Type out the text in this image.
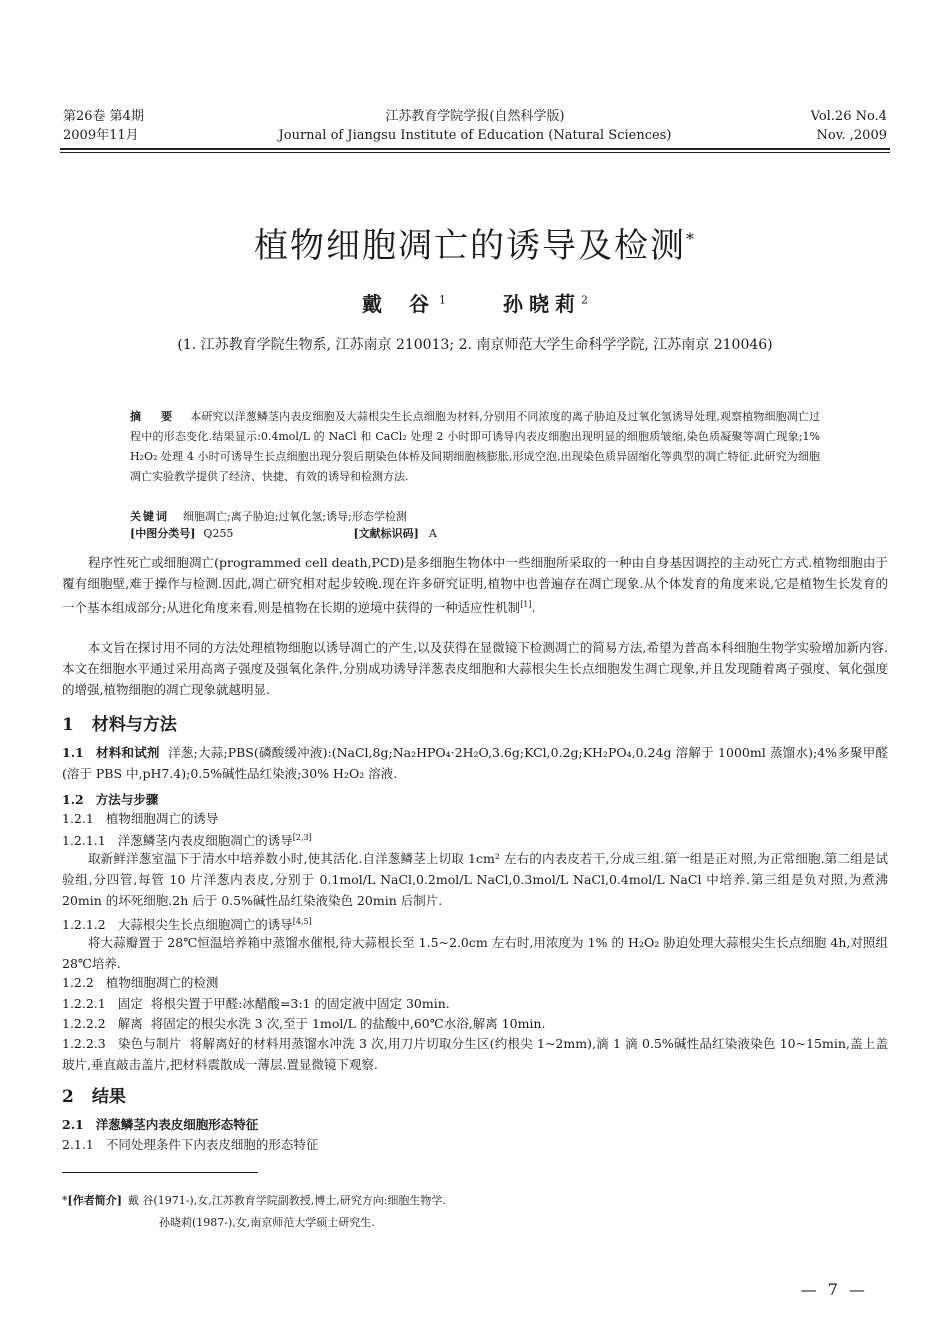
第26卷 第4期
2009年11月
江苏教育学院学报(自然科学版)
Journal of Jiangsu Institute of Education (Natural Sciences)
Vol.26 No.4
Nov. ,2009
植物细胞凋亡的诱导及检测*
戴 谷$^1$	孙晓莉$^2$
(1. 江苏教育学院生物系, 江苏南京 210013; 2. 南京师范大学生命科学学院, 江苏南京 210046)
摘 要 本研究以洋葱鳞茎内表皮细胞及大蒜根尖生长点细胞为材料,分别用不同浓度的离子胁迫及过氧化氢诱导处理,观察植物细胞凋亡过程中的形态变化.结果显示:0.4mol/L 的 NaCl 和 CaCl₂ 处理 2 小时即可诱导内表皮细胞出现明显的细胞质皱缩,染色质凝聚等凋亡现象;1% H₂O₂ 处理 4 小时可诱导生长点细胞出现分裂后期染色体桥及间期细胞核膨胀,形成空泡,出现染色质异固缩化等典型的凋亡特征.此研究为细胞凋亡实验教学提供了经济、快捷、有效的诱导和检测方法.
关键词 细胞凋亡;离子胁迫;过氧化氢;诱导;形态学检测
[中图分类号] Q255	[文献标识码] A

程序性死亡或细胞凋亡(programmed cell death,PCD)是多细胞生物体中一些细胞所采取的一种由自身基因调控的主动死亡方式.植物细胞由于覆有细胞壁,难于操作与检测.因此,凋亡研究相对起步较晚.现在许多研究证明,植物中也普遍存在凋亡现象.从个体发育的角度来说,它是植物生长发育的一个基本组成部分;从进化角度来看,则是植物在长期的逆境中获得的一种适应性机制[1].

本文旨在探讨用不同的方法处理植物细胞以诱导凋亡的产生,以及获得在显微镜下检测凋亡的简易方法,希望为普高本科细胞生物学实验增加新内容.本文在细胞水平通过采用高离子强度及强氧化条件,分别成功诱导洋葱表皮细胞和大蒜根尖生长点细胞发生凋亡现象,并且发现随着离子强度、氧化强度的增强,植物细胞的凋亡现象就越明显.

1 材料与方法
1.1 材料和试剂 洋葱;大蒜;PBS(磷酸缓冲液):(NaCl,8g;Na₂HPO₄·2H₂O,3.6g;KCl,0.2g;KH₂PO₄,0.24g 溶解于 1000ml 蒸馏水);4%多聚甲醛(溶于 PBS 中,pH7.4);0.5%碱性品红染液;30% H₂O₂ 溶液.
1.2 方法与步骤
1.2.1 植物细胞凋亡的诱导
1.2.1.1 洋葱鳞茎内表皮细胞凋亡的诱导[2,3]
取新鲜洋葱室温下于清水中培养数小时,使其活化.自洋葱鳞茎上切取 1cm² 左右的内表皮若干,分成三组.第一组是正对照,为正常细胞.第二组是试验组,分四管,每管 10 片洋葱内表皮,分别于 0.1mol/L NaCl,0.2mol/L NaCl,0.3mol/L NaCl,0.4mol/L NaCl 中培养.第三组是负对照,为煮沸 20min 的坏死细胞.2h 后于 0.5%碱性品红染液染色 20min 后制片.
1.2.1.2 大蒜根尖生长点细胞凋亡的诱导[4,5]
将大蒜瓣置于 28℃恒温培养箱中蒸馏水催根,待大蒜根长至 1.5~2.0cm 左右时,用浓度为 1% 的 H₂O₂ 胁迫处理大蒜根尖生长点细胞 4h,对照组 28℃培养.
1.2.2 植物细胞凋亡的检测
1.2.2.1 固定 将根尖置于甲醛:冰醋酸=3:1 的固定液中固定 30min.
1.2.2.2 解离 将固定的根尖水洗 3 次,至于 1mol/L 的盐酸中,60℃水浴,解离 10min.
1.2.2.3 染色与制片 将解离好的材料用蒸馏水冲洗 3 次,用刀片切取分生区(约根尖 1~2mm),滴 1 滴 0.5%碱性品红染液染色 10~15min,盖上盖玻片,垂直敲击盖片,把材料震散成一薄层.置显微镜下观察.
2 结果
2.1 洋葱鳞茎内表皮细胞形态特征
2.1.1 不同处理条件下内表皮细胞的形态特征
*[作者简介] 戴 谷(1971-),女,江苏教育学院副教授,博士,研究方向:细胞生物学.
孙晓莉(1987-),女,南京师范大学硕士研究生.
— 7 —
